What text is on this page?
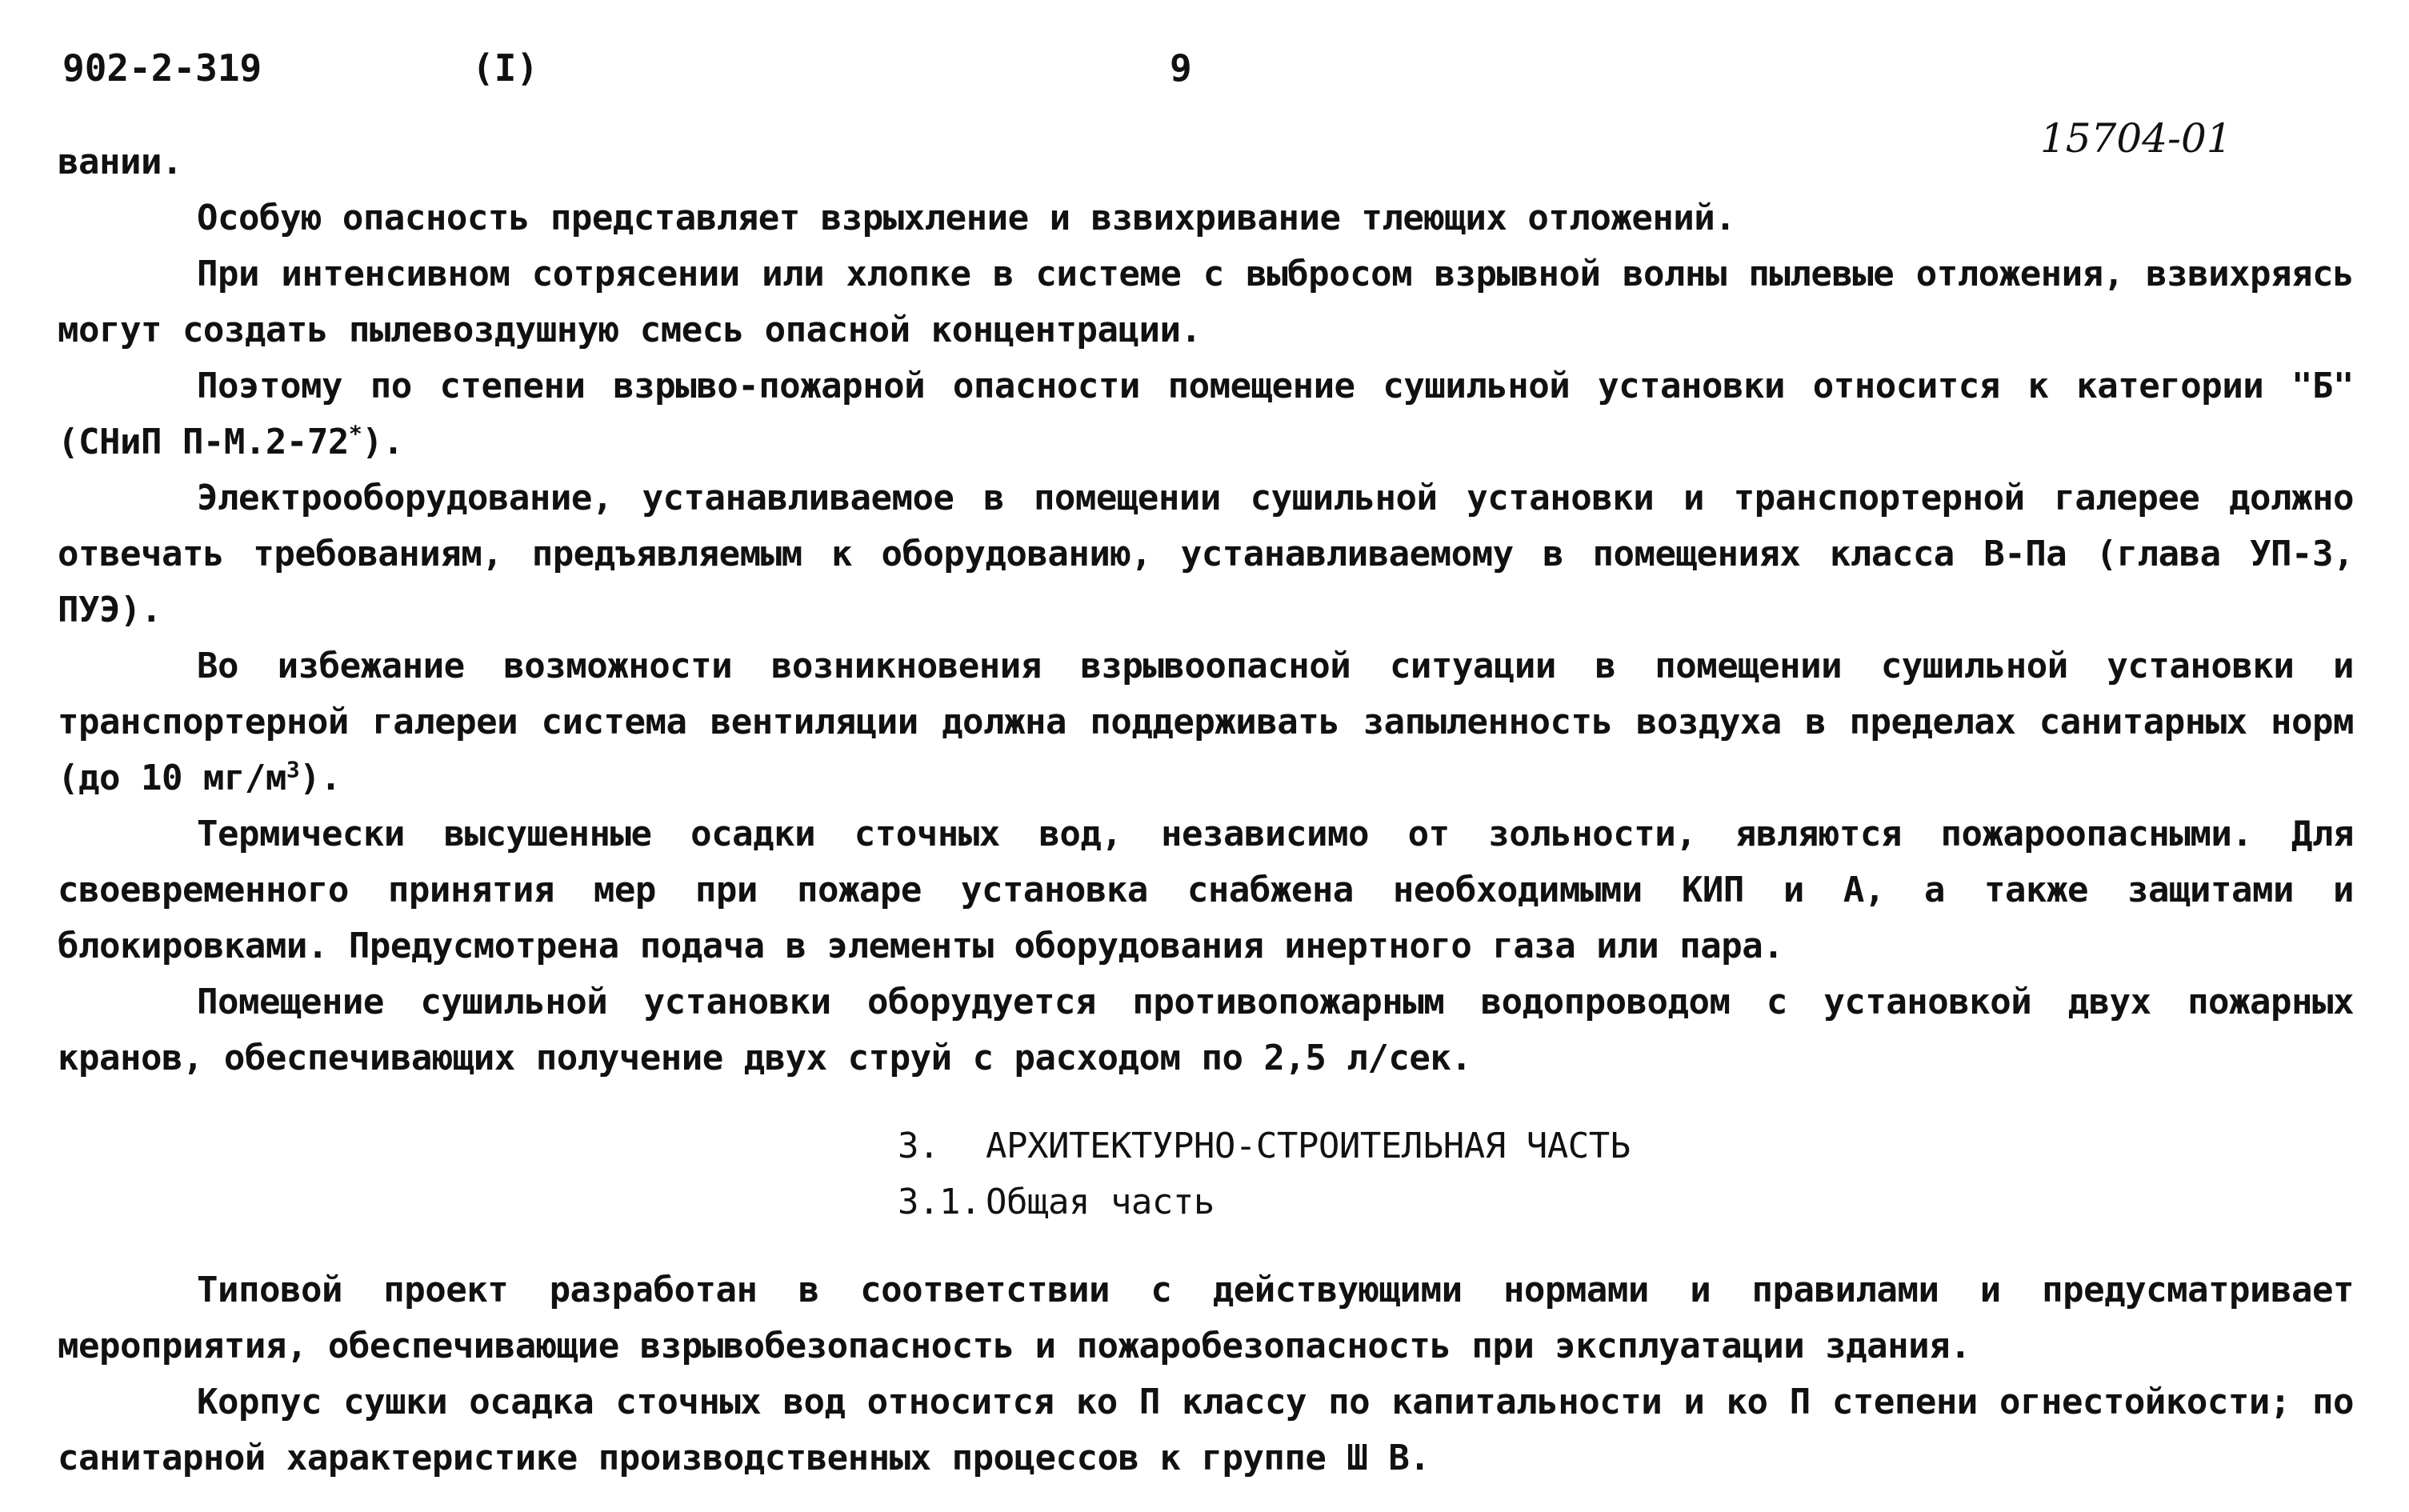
902-2-319	(I)	9
15704-01

вании.

Особую опасность представляет взрыхление и взвихривание тлеющих отложений.

При интенсивном сотрясении или хлопке в системе с выбросом взрывной волны пылевые отложения, взвихряясь могут создать пылевоздушную смесь опасной концентрации.

Поэтому по степени взрыво-пожарной опасности помещение сушильной установки относится к категории "Б" (СНиП П-М.2-72*).

Электрооборудование, устанавливаемое в помещении сушильной установки и транспортерной галерее должно отвечать требованиям, предъявляемым к оборудованию, устанавливаемому в помещениях класса В-Па (глава УП-3, ПУЭ).

Во избежание возможности возникновения взрывоопасной ситуации в помещении сушильной установки и транспортерной галереи система вентиляции должна поддерживать запыленность воздуха в пределах санитарных норм (до 10 $мг/м^3$).

Термически высушенные осадки сточных вод, независимо от зольности, являются пожароопасными. Для своевременного принятия мер при пожаре установка снабжена необходимыми КИП и А, а также защитами и блокировками. Предусмотрена подача в элементы оборудования инертного газа или пара.

Помещение сушильной установки оборудуется противопожарным водопроводом с установкой двух пожарных кранов, обеспечивающих получение двух струй с расходом по 2,5 л/сек.

3. АРХИТЕКТУРНО-СТРОИТЕЛЬНАЯ ЧАСТЬ

3.1. Общая часть

Типовой проект разработан в соответствии с действующими нормами и правилами и предусматривает мероприятия, обеспечивающие взрывобезопасность и пожаробезопасность при эксплуатации здания.

Корпус сушки осадка сточных вод относится ко П классу по капитальности и ко П степени огнестойкости; по санитарной характеристике производственных процессов к группе Ш В.
